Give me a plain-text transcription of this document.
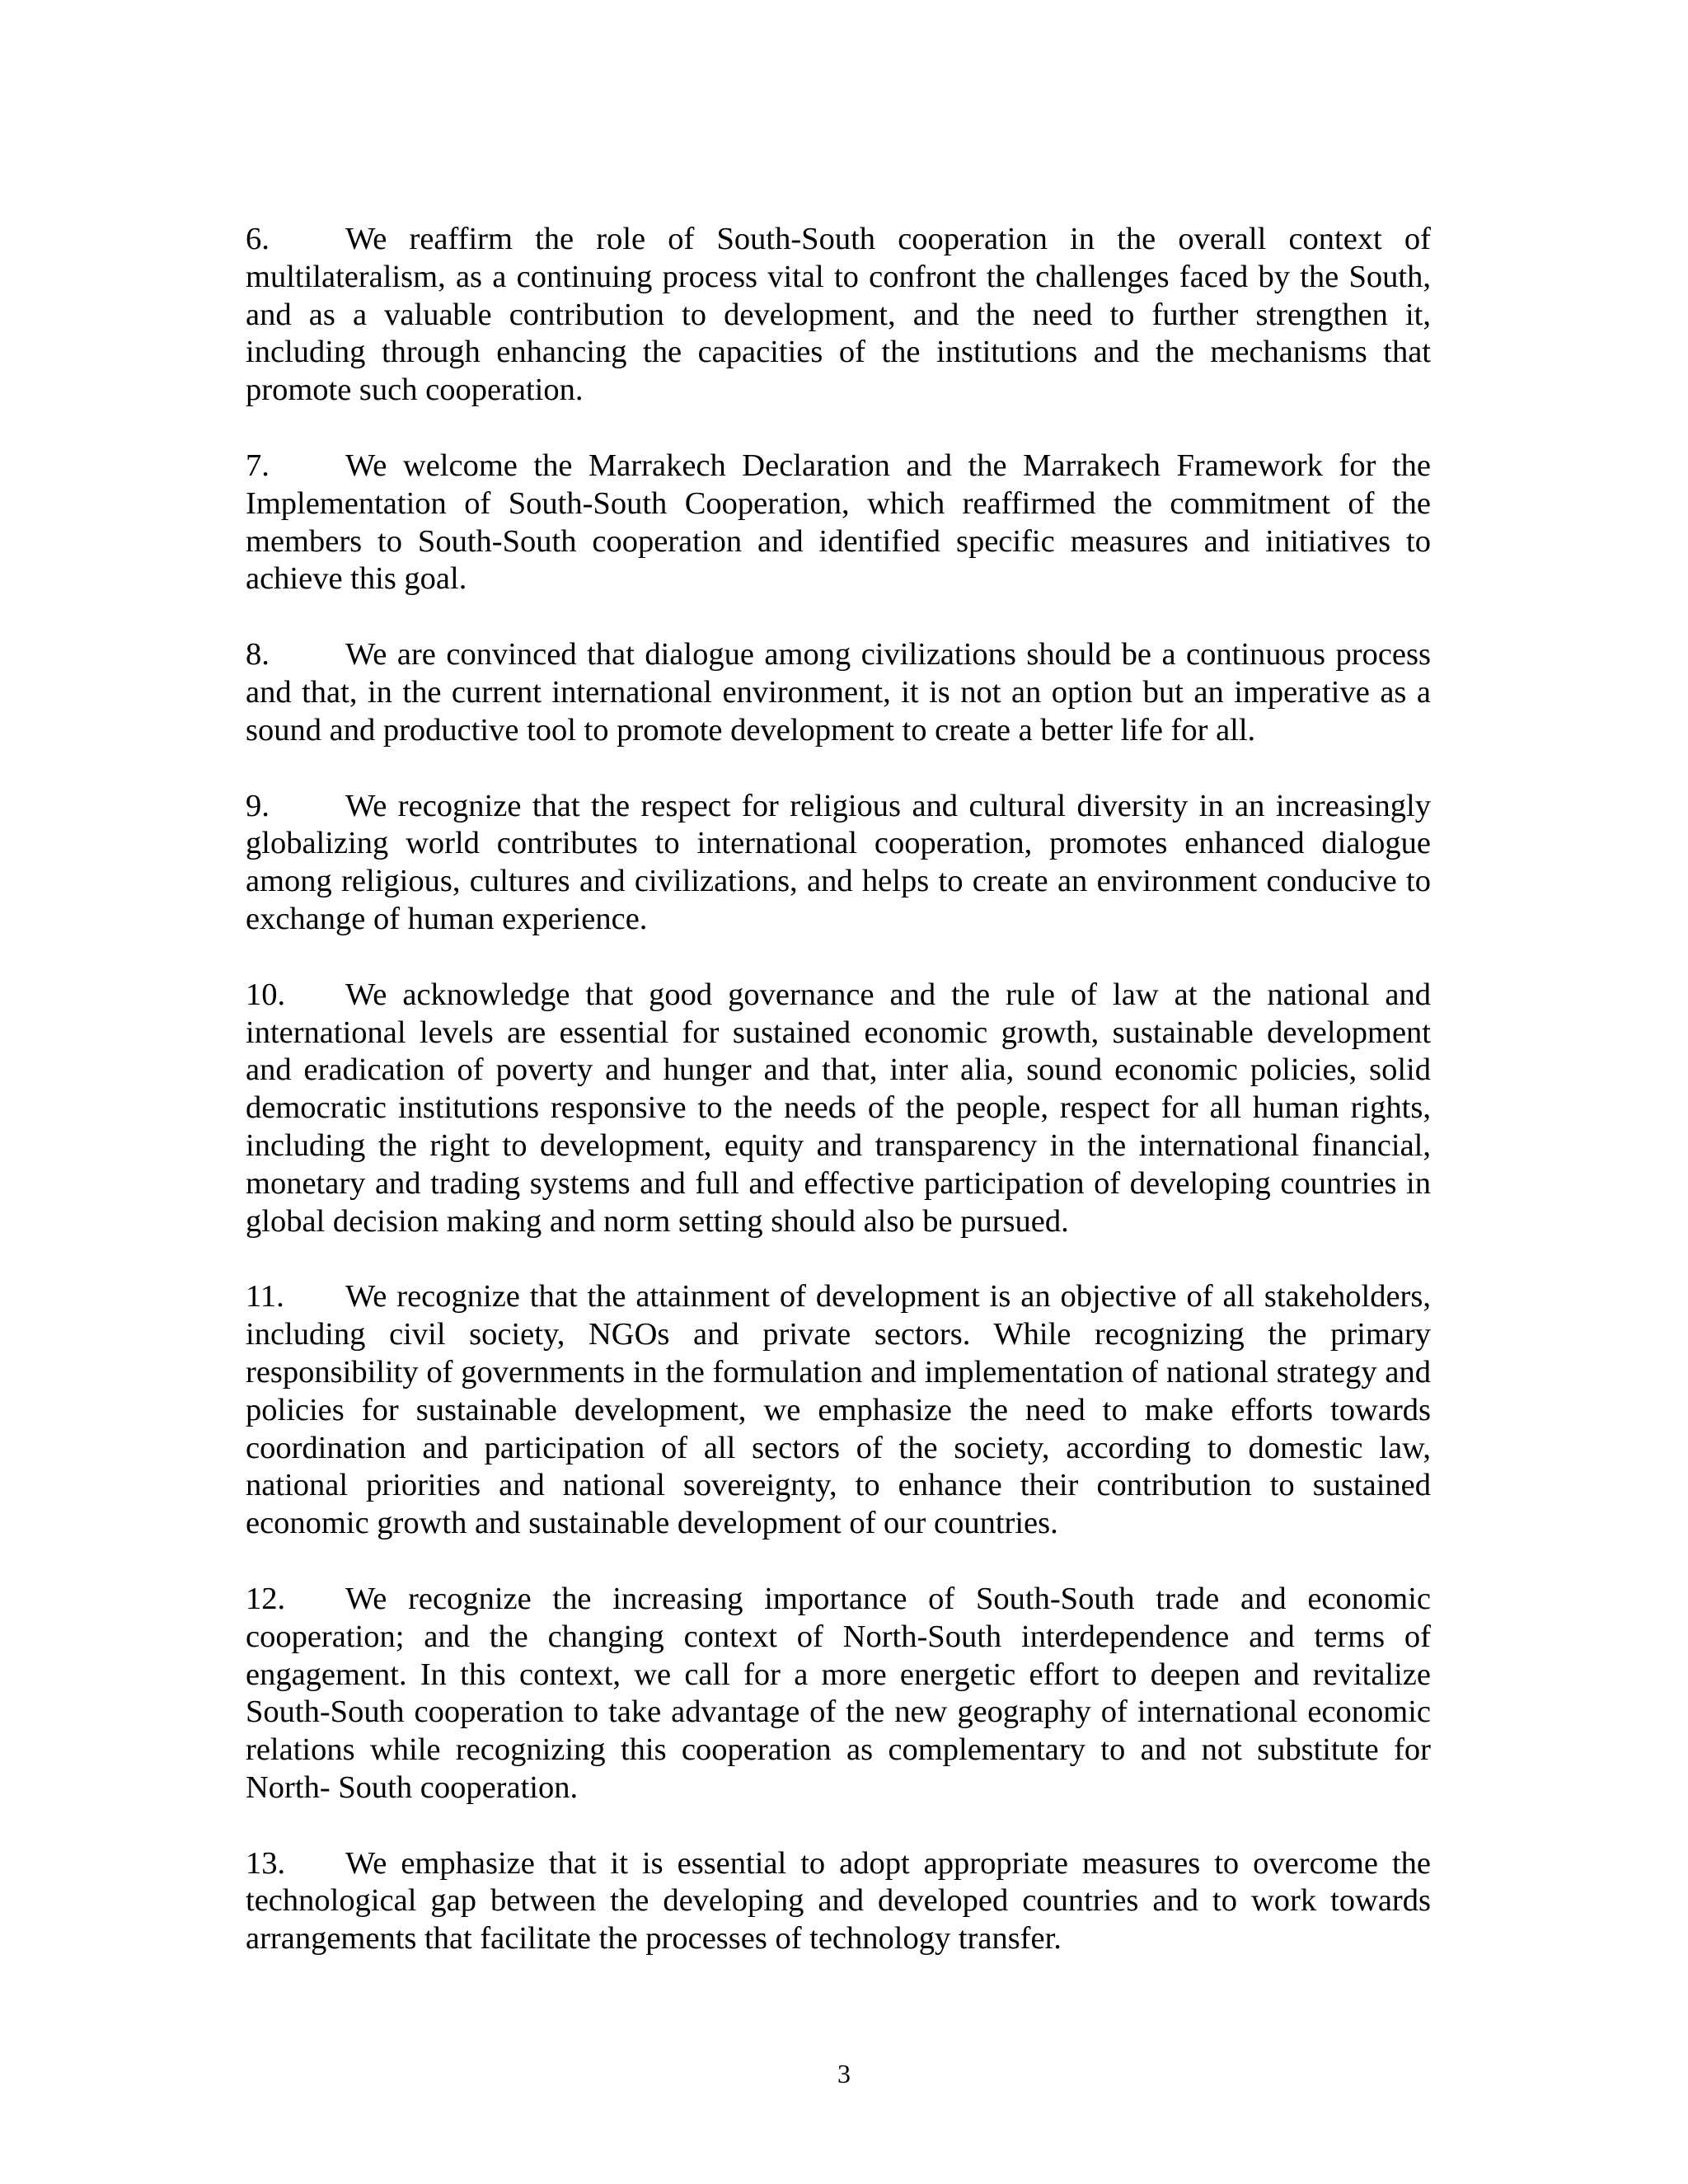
6. We reaffirm the role of South-South cooperation in the overall context of multilateralism, as a continuing process vital to confront the challenges faced by the South, and as a valuable contribution to development, and the need to further strengthen it, including through enhancing the capacities of the institutions and the mechanisms that promote such cooperation.

7. We welcome the Marrakech Declaration and the Marrakech Framework for the Implementation of South-South Cooperation, which reaffirmed the commitment of the members to South-South cooperation and identified specific measures and initiatives to achieve this goal.

8. We are convinced that dialogue among civilizations should be a continuous process and that, in the current international environment, it is not an option but an imperative as a sound and productive tool to promote development to create a better life for all.

9. We recognize that the respect for religious and cultural diversity in an increasingly globalizing world contributes to international cooperation, promotes enhanced dialogue among religious, cultures and civilizations, and helps to create an environment conducive to exchange of human experience.

10. We acknowledge that good governance and the rule of law at the national and international levels are essential for sustained economic growth, sustainable development and eradication of poverty and hunger and that, inter alia, sound economic policies, solid democratic institutions responsive to the needs of the people, respect for all human rights, including the right to development, equity and transparency in the international financial, monetary and trading systems and full and effective participation of developing countries in global decision making and norm setting should also be pursued.

11. We recognize that the attainment of development is an objective of all stakeholders, including civil society, NGOs and private sectors. While recognizing the primary responsibility of governments in the formulation and implementation of national strategy and policies for sustainable development, we emphasize the need to make efforts towards coordination and participation of all sectors of the society, according to domestic law, national priorities and national sovereignty, to enhance their contribution to sustained economic growth and sustainable development of our countries.

12. We recognize the increasing importance of South-South trade and economic cooperation; and the changing context of North-South interdependence and terms of engagement. In this context, we call for a more energetic effort to deepen and revitalize South-South cooperation to take advantage of the new geography of international economic relations while recognizing this cooperation as complementary to and not substitute for North- South cooperation.

13. We emphasize that it is essential to adopt appropriate measures to overcome the technological gap between the developing and developed countries and to work towards arrangements that facilitate the processes of technology transfer.

3
